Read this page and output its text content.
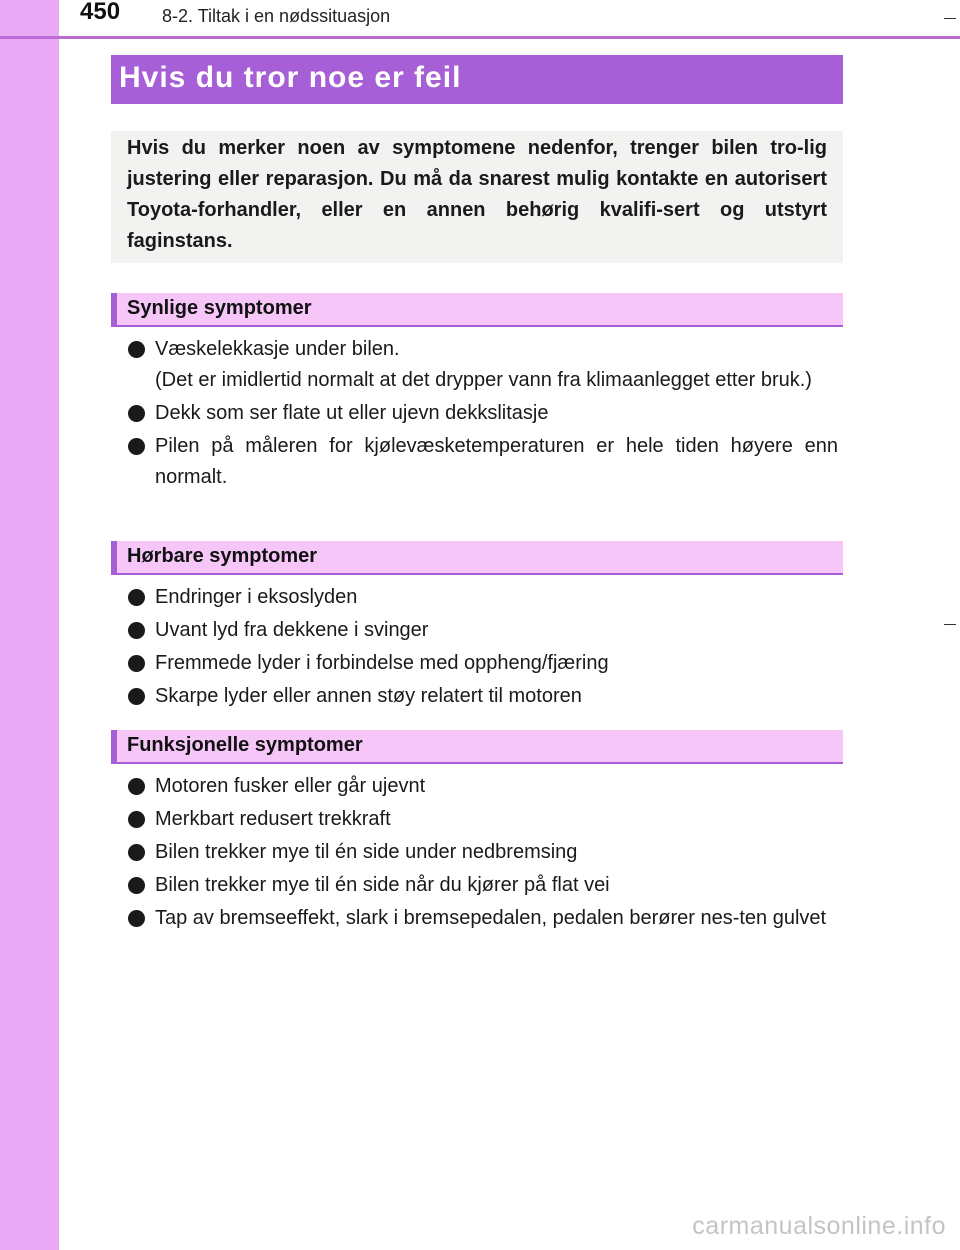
450 8-2. Tiltak i en nødssituasjon
Hvis du tror noe er feil
Hvis du merker noen av symptomene nedenfor, trenger bilen tro-lig justering eller reparasjon. Du må da snarest mulig kontakte en autorisert Toyota-forhandler, eller en annen behørig kvalifi-sert og utstyrt faginstans.
Synlige symptomer
Væskelekkasje under bilen.
(Det er imidlertid normalt at det drypper vann fra klimaanlegget etter bruk.)
Dekk som ser flate ut eller ujevn dekkslitasje
Pilen på måleren for kjølevæsketemperaturen er hele tiden høyere enn normalt.
Hørbare symptomer
Endringer i eksoslyden
Uvant lyd fra dekkene i svinger
Fremmede lyder i forbindelse med oppheng/fjæring
Skarpe lyder eller annen støy relatert til motoren
Funksjonelle symptomer
Motoren fusker eller går ujevnt
Merkbart redusert trekkraft
Bilen trekker mye til én side under nedbremsing
Bilen trekker mye til én side når du kjører på flat vei
Tap av bremseeffekt, slark i bremsepedalen, pedalen berører nes-ten gulvet
carmanualsonline.info
